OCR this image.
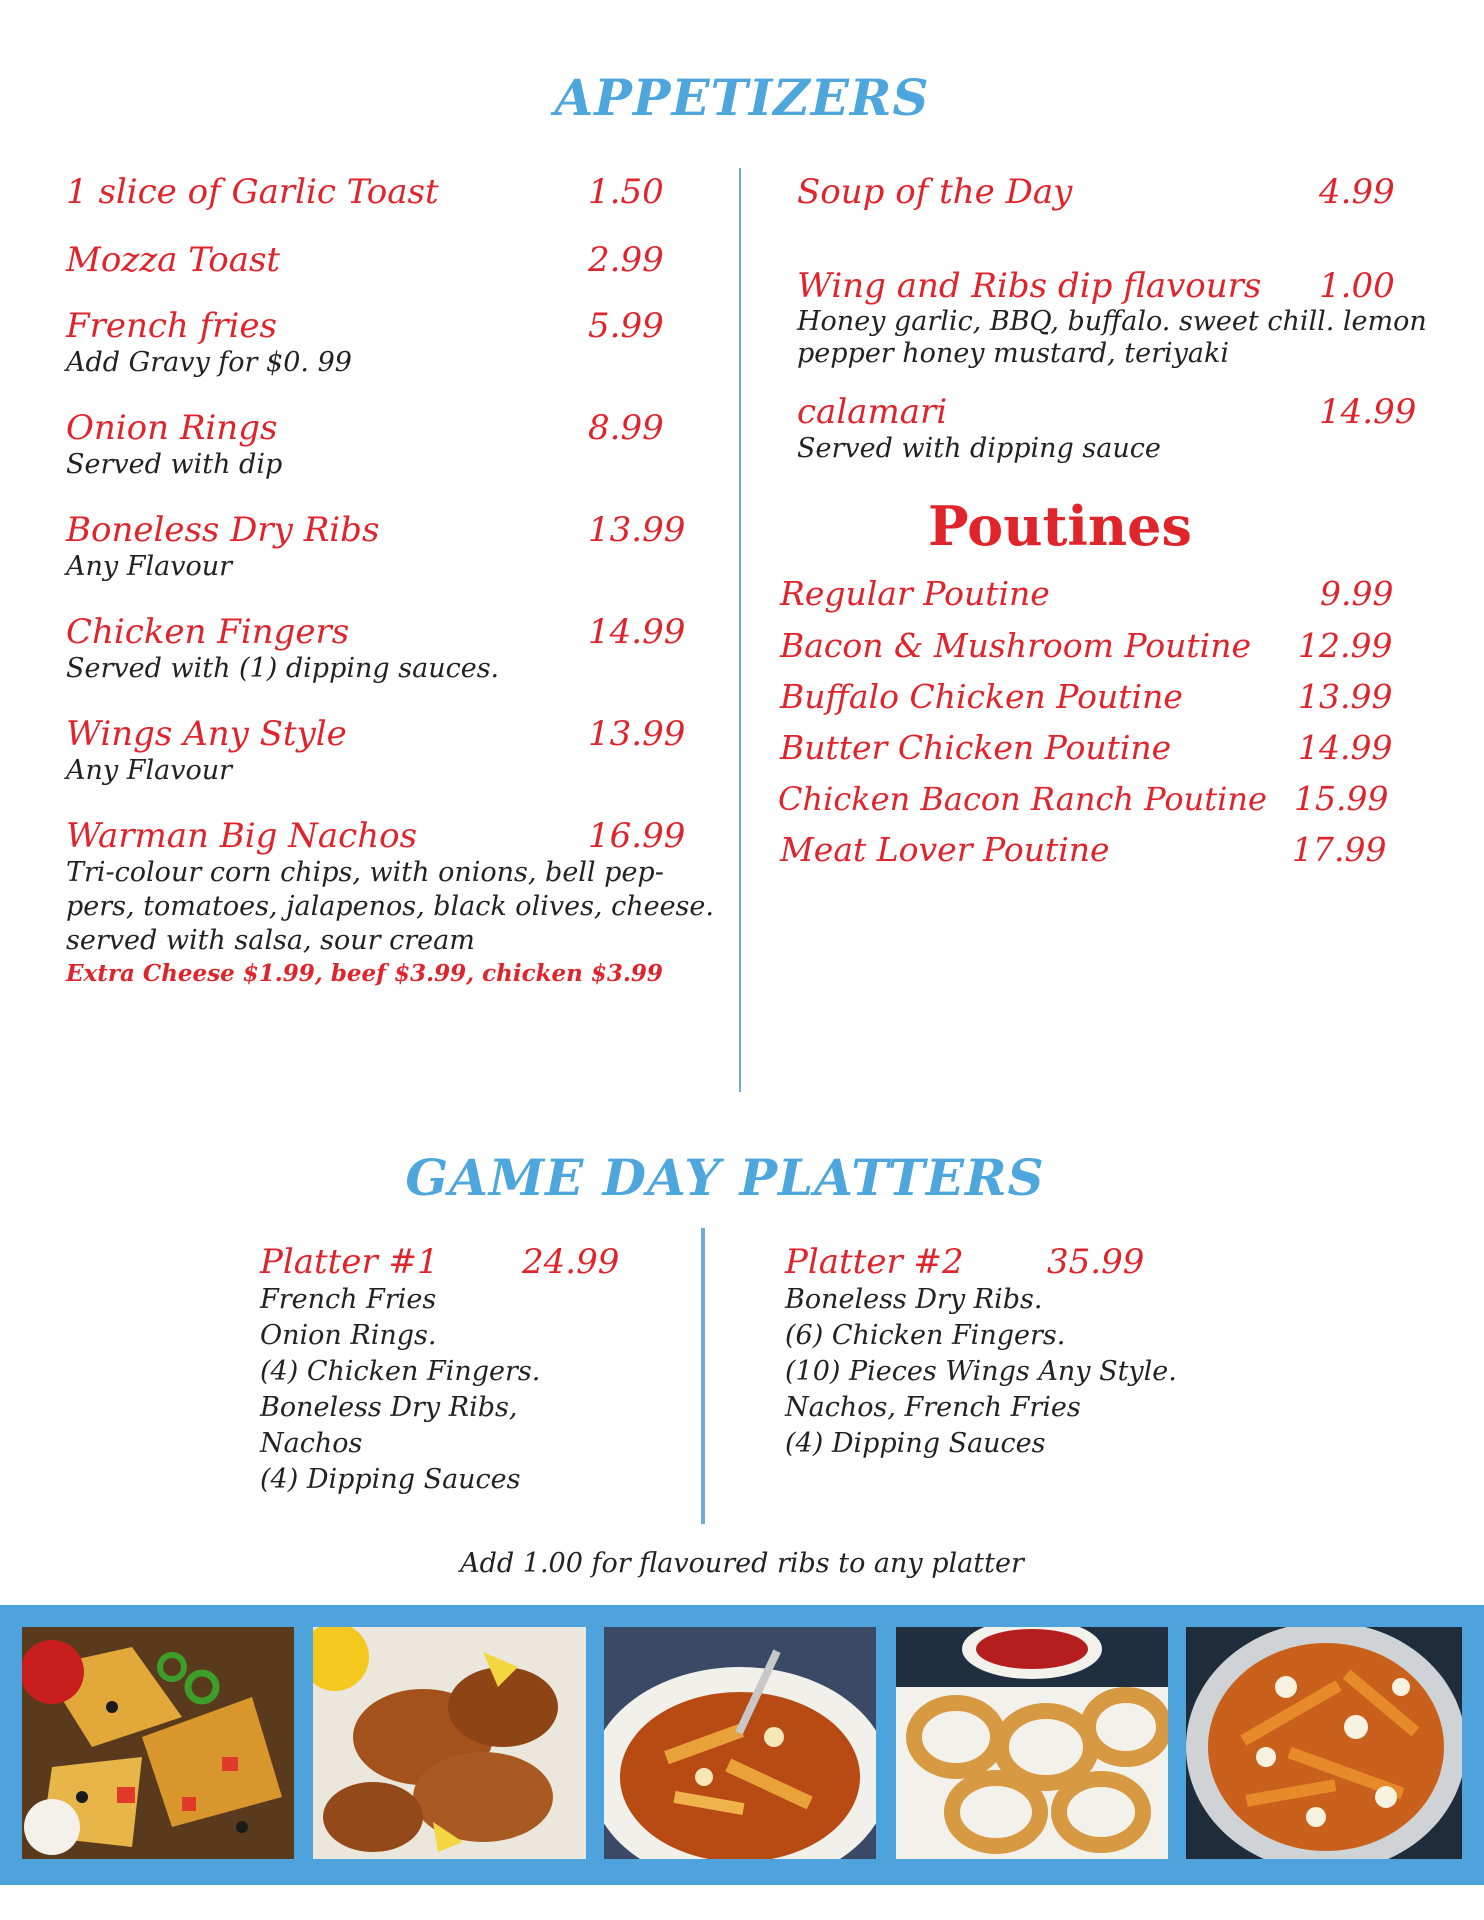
APPETIZERS
1 slice of Garlic Toast	1.50
Mozza Toast	2.99
French fries	5.99
Add Gravy for $0. 99
Onion Rings	8.99
Served with dip
Boneless Dry Ribs	13.99
Any Flavour
Chicken Fingers	14.99
Served with (1) dipping sauces.
Wings Any Style	13.99
Any Flavour
Warman Big Nachos	16.99
Tri-colour corn chips, with onions, bell pep-
pers, tomatoes, jalapenos, black olives, cheese.
served with salsa, sour cream
Extra Cheese $1.99, beef $3.99, chicken $3.99
Soup of the Day	4.99
Wing and Ribs dip flavours	1.00
Honey garlic, BBQ, buffalo. sweet chill. lemon
pepper honey mustard, teriyaki
calamari	14.99
Served with dipping sauce
Poutines
Regular Poutine	9.99
Bacon & Mushroom Poutine	12.99
Buffalo Chicken Poutine	13.99
Butter Chicken Poutine	14.99
Chicken Bacon Ranch Poutine 15.99
Meat Lover Poutine	17.99
GAME DAY PLATTERS
Platter #1	24.99
French Fries
Onion Rings.
(4) Chicken Fingers.
Boneless Dry Ribs,
Nachos
(4) Dipping Sauces
Platter #2	35.99
Boneless Dry Ribs.
(6) Chicken Fingers.
(10) Pieces Wings Any Style.
Nachos, French Fries
(4) Dipping Sauces
Add 1.00 for flavoured ribs to any platter
